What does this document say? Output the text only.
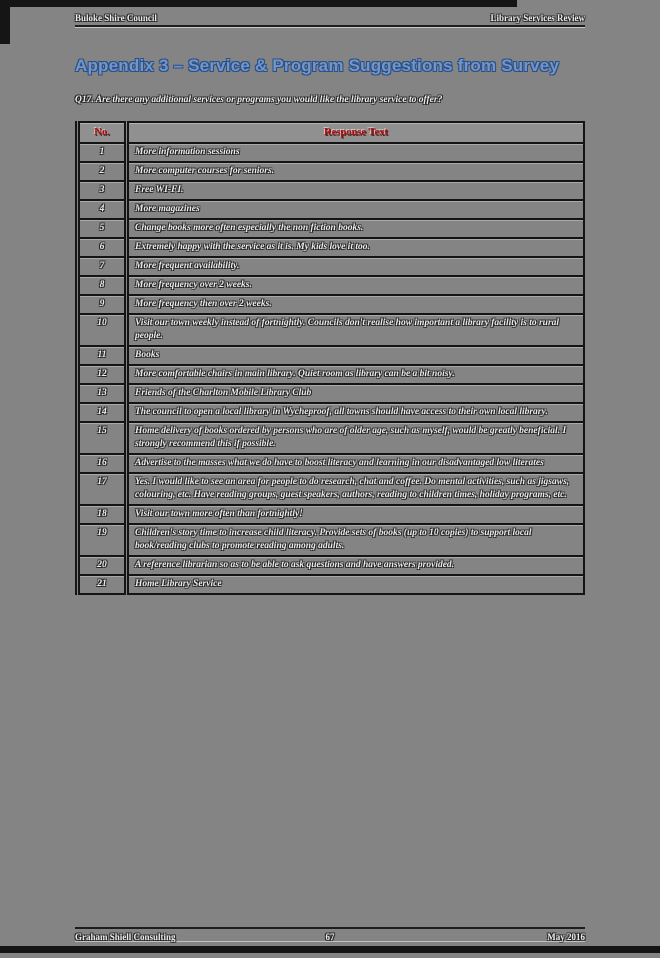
Buloke Shire Council	Library Services Review
Appendix 3 – Service & Program Suggestions from Survey
Q17. Are there any additional services or programs you would like the library service to offer?
No.	Response Text
1	More information sessions
2	More computer courses for seniors.
3	Free WI-FI.
4	More magazines
5	Change books more often especially the non fiction books.
6	Extremely happy with the service as it is. My kids love it too.
7	More frequent availability.
8	More frequency over 2 weeks.
9	More frequency then over 2 weeks.
10	Visit our town weekly instead of fortnightly. Councils don't realise how important a library facility is to rural people.
11	Books
12	More comfortable chairs in main library. Quiet room as library can be a bit noisy.
13	Friends of the Charlton Mobile Library Club
14	The council to open a local library in Wycheproof, all towns should have access to their own local library.
15	Home delivery of books ordered by persons who are of older age, such as myself, would be greatly beneficial. I strongly recommend this if possible.
16	Advertise to the masses what we do have to boost literacy and learning in our disadvantaged low literates
17	Yes. I would like to see an area for people to do research, chat and coffee. Do mental activities, such as jigsaws, colouring, etc. Have reading groups, guest speakers, authors, reading to children times, holiday programs, etc.
18	Visit our town more often than fortnightly!
19	Children's story time to increase child literacy. Provide sets of books (up to 10 copies) to support local book/reading clubs to promote reading among adults.
20	A reference librarian so as to be able to ask questions and have answers provided.
21	Home Library Service
Graham Shiell Consulting	67	May 2016
